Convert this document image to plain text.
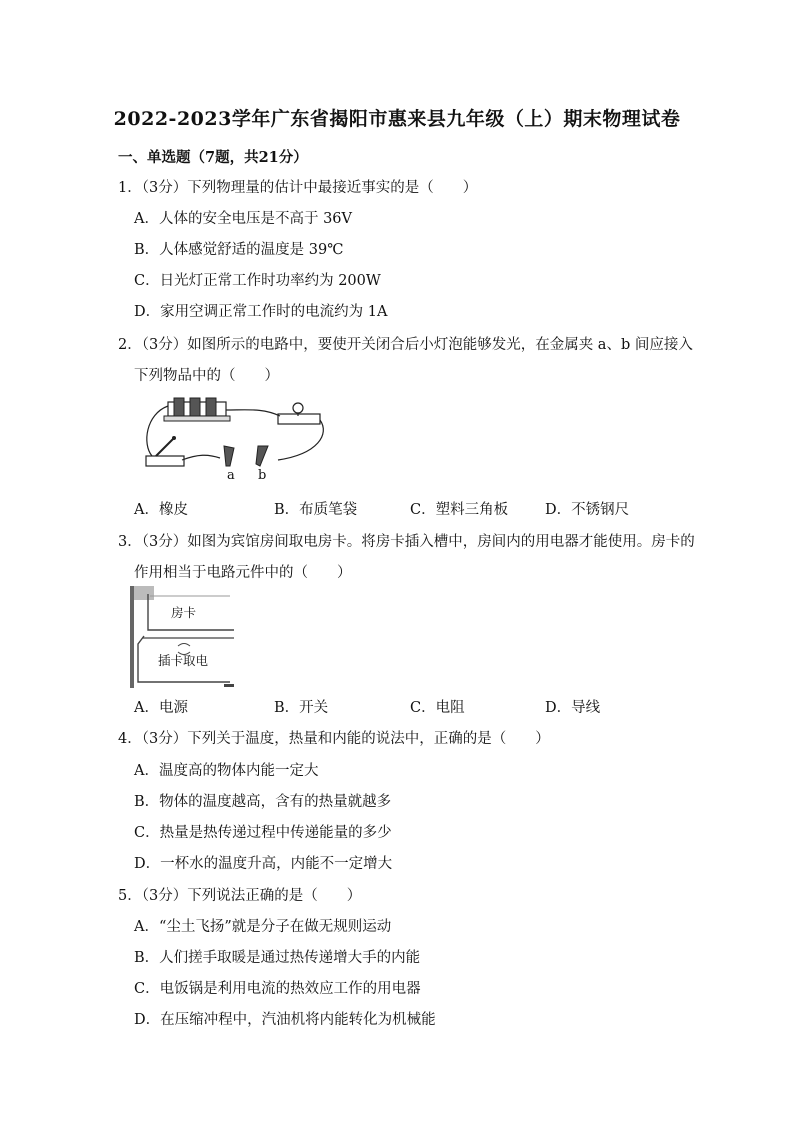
2022-2023学年广东省揭阳市惠来县九年级（上）期末物理试卷
一、单选题（7题，共21分）
1．（3分）下列物理量的估计中最接近事实的是（　　）
A．人体的安全电压是不高于 36V
B．人体感觉舒适的温度是 39℃
C．日光灯正常工作时功率约为 200W
D．家用空调正常工作时的电流约为 1A
2．（3分）如图所示的电路中，要使开关闭合后小灯泡能够发光，在金属夹 a、b 间应接入
下列物品中的（　　）
a b
A．橡皮	B．布质笔袋	C．塑料三角板	D．不锈钢尺
3．（3分）如图为宾馆房间取电房卡。将房卡插入槽中，房间内的用电器才能使用。房卡的
作用相当于电路元件中的（　　）
房卡
插卡取电
A．电源	B．开关	C．电阻	D．导线
4．（3分）下列关于温度，热量和内能的说法中，正确的是（　　）
A．温度高的物体内能一定大
B．物体的温度越高，含有的热量就越多
C．热量是热传递过程中传递能量的多少
D．一杯水的温度升高，内能不一定增大
5．（3分）下列说法正确的是（　　）
A．“尘土飞扬”就是分子在做无规则运动
B．人们搓手取暖是通过热传递增大手的内能
C．电饭锅是利用电流的热效应工作的用电器
D．在压缩冲程中，汽油机将内能转化为机械能
